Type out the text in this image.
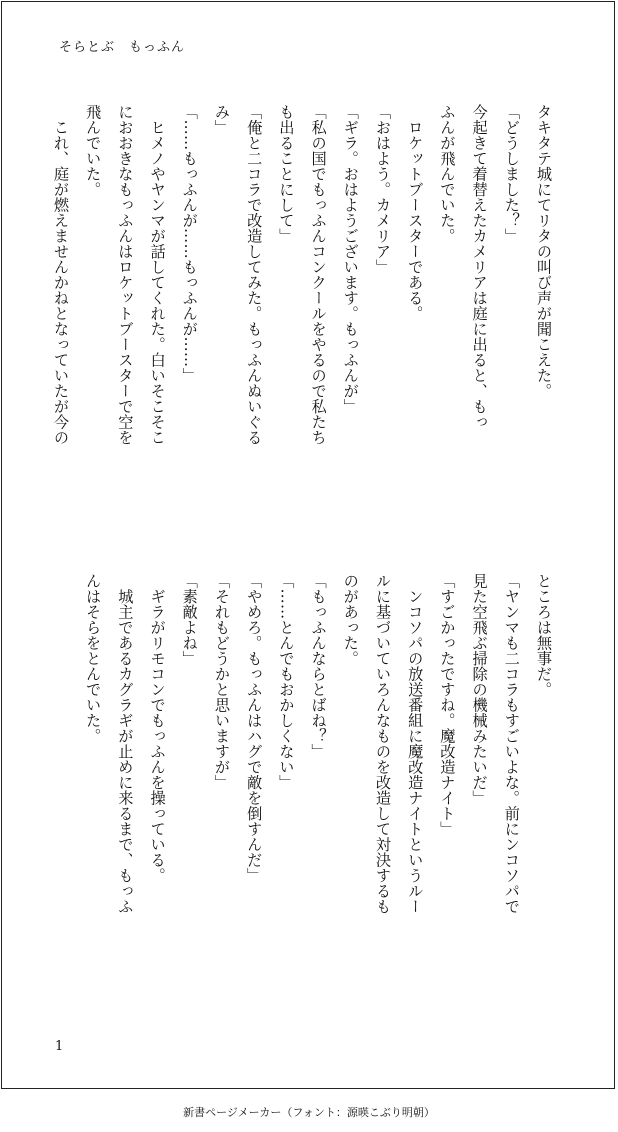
そらとぶ　もっふん

タキタテ城にてリタの叫び声が聞こえた。

「どうしました？」

今起きて着替えたカメリアは庭に出ると、もっ

ふんが飛んでいた。

　ロケットブースターである。

「おはよう。カメリア」

「ギラ。おはようございます。もっふんが」

「私の国でもっふんコンクールをやるので私たち

も出ることにして」

「俺と二コラで改造してみた。もっふんぬいぐる

み」

「……もっふんが……もっふんが……」

　ヒメノやヤンマが話してくれた。白いそこそこ

におおきなもっふんはロケットブースターで空を

飛んでいた。

　これ、庭が燃えませんかねとなっていたが今の

ところは無事だ。

「ヤンマも二コラもすごいよな。前にンコソパで

見た空飛ぶ掃除の機械みたいだ」

「すごかったですね。魔改造ナイト」

　ンコソパの放送番組に魔改造ナイトというルー

ルに基づいていろんなものを改造して対決するも

のがあった。

「もっふんならとばね？」

「……とんでもおかしくない」

「やめろ。もっふんはハグで敵を倒すんだ」

「それもどうかと思いますが」

「素敵よね」

　ギラがリモコンでもっふんを操っている。

　城主であるカグラギが止めに来るまで、もっふ

んはそらをとんでいた。

1
新書ページメーカー（フォント：源暎こぶり明朝）
